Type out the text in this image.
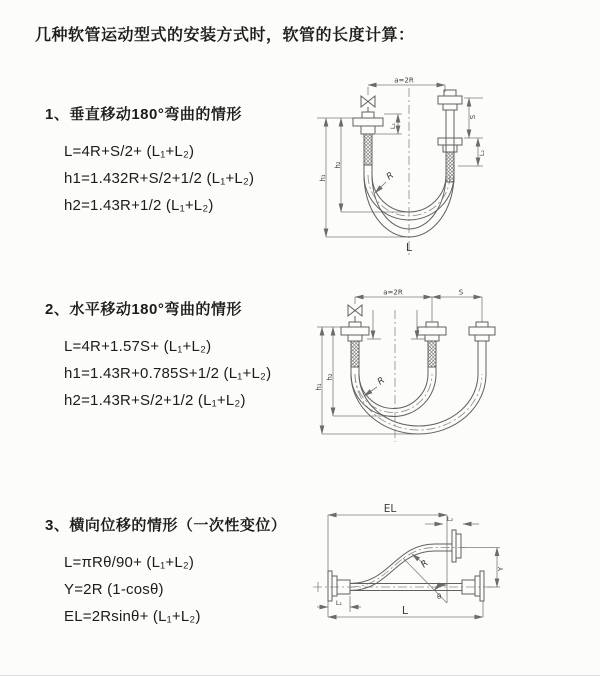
几种软管运动型式的安装方式时，软管的长度计算：
1、垂直移动180°弯曲的情形
L=4R+S/2+ (L₁+L₂)
h1=1.432R+S/2+1/2 (L₁+L₂)
h2=1.43R+1/2 (L₁+L₂)
2、水平移动180°弯曲的情形
L=4R+1.57S+ (L₁+L₂)
h1=1.43R+0.785S+1/2 (L₁+L₂)
h2=1.43R+S/2+1/2 (L₁+L₂)
3、横向位移的情形（一次性变位）
L=πRθ/90+ (L₁+L₂)
Y=2R (1-cosθ)
EL=2Rsinθ+ (L₁+L₂)
a=2R
h₁
h₂
L₁
S
L₂
R
L
a=2R	S
h₁
h₂	R
EL
L₂
Y
L₁
L
R
θ
